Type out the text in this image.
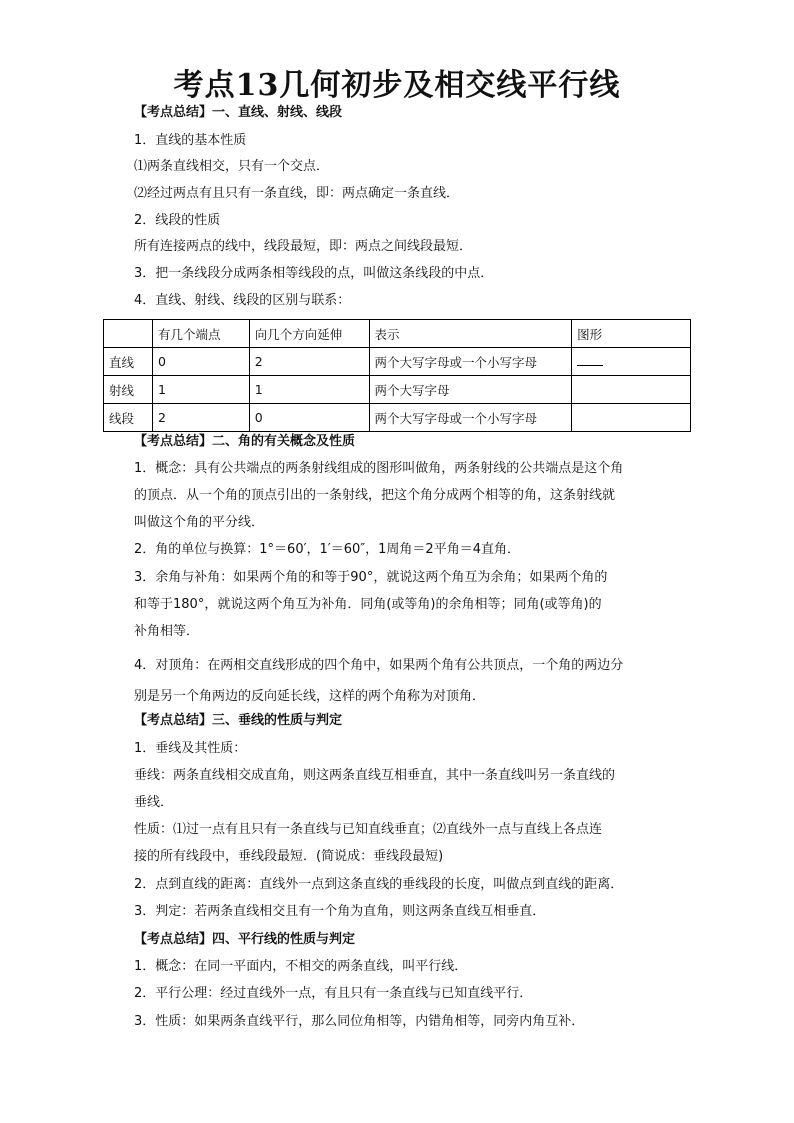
考点13几何初步及相交线平行线
【考点总结】一、直线、射线、线段
1．直线的基本性质
⑴两条直线相交，只有一个交点．
⑵经过两点有且只有一条直线，即：两点确定一条直线．
2．线段的性质
所有连接两点的线中，线段最短，即：两点之间线段最短．
3．把一条线段分成两条相等线段的点，叫做这条线段的中点．
4．直线、射线、线段的区别与联系：
	有几个端点	向几个方向延伸	表示	图形
直线	0	2	两个大写字母或一个小写字母	
射线	1	1	两个大写字母	
线段	2	0	两个大写字母或一个小写字母	
【考点总结】二、角的有关概念及性质
1．概念：具有公共端点的两条射线组成的图形叫做角，两条射线的公共端点是这个角
的顶点．从一个角的顶点引出的一条射线，把这个角分成两个相等的角，这条射线就
叫做这个角的平分线．
2．角的单位与换算：1°＝60′，1′＝60″，1周角＝2平角＝4直角．
3．余角与补角：如果两个角的和等于90°，就说这两个角互为余角；如果两个角的
和等于180°，就说这两个角互为补角．同角(或等角)的余角相等；同角(或等角)的
补角相等．
4．对顶角：在两相交直线形成的四个角中，如果两个角有公共顶点，一个角的两边分
别是另一个角两边的反向延长线，这样的两个角称为对顶角．
【考点总结】三、垂线的性质与判定
1．垂线及其性质：
垂线：两条直线相交成直角，则这两条直线互相垂直，其中一条直线叫另一条直线的
垂线．
性质：⑴过一点有且只有一条直线与已知直线垂直；⑵直线外一点与直线上各点连
接的所有线段中，垂线段最短．(简说成：垂线段最短)
2．点到直线的距离：直线外一点到这条直线的垂线段的长度，叫做点到直线的距离．
3．判定：若两条直线相交且有一个角为直角，则这两条直线互相垂直．
【考点总结】四、平行线的性质与判定
1．概念：在同一平面内，不相交的两条直线，叫平行线．
2．平行公理：经过直线外一点，有且只有一条直线与已知直线平行．
3．性质：如果两条直线平行，那么同位角相等，内错角相等，同旁内角互补．
